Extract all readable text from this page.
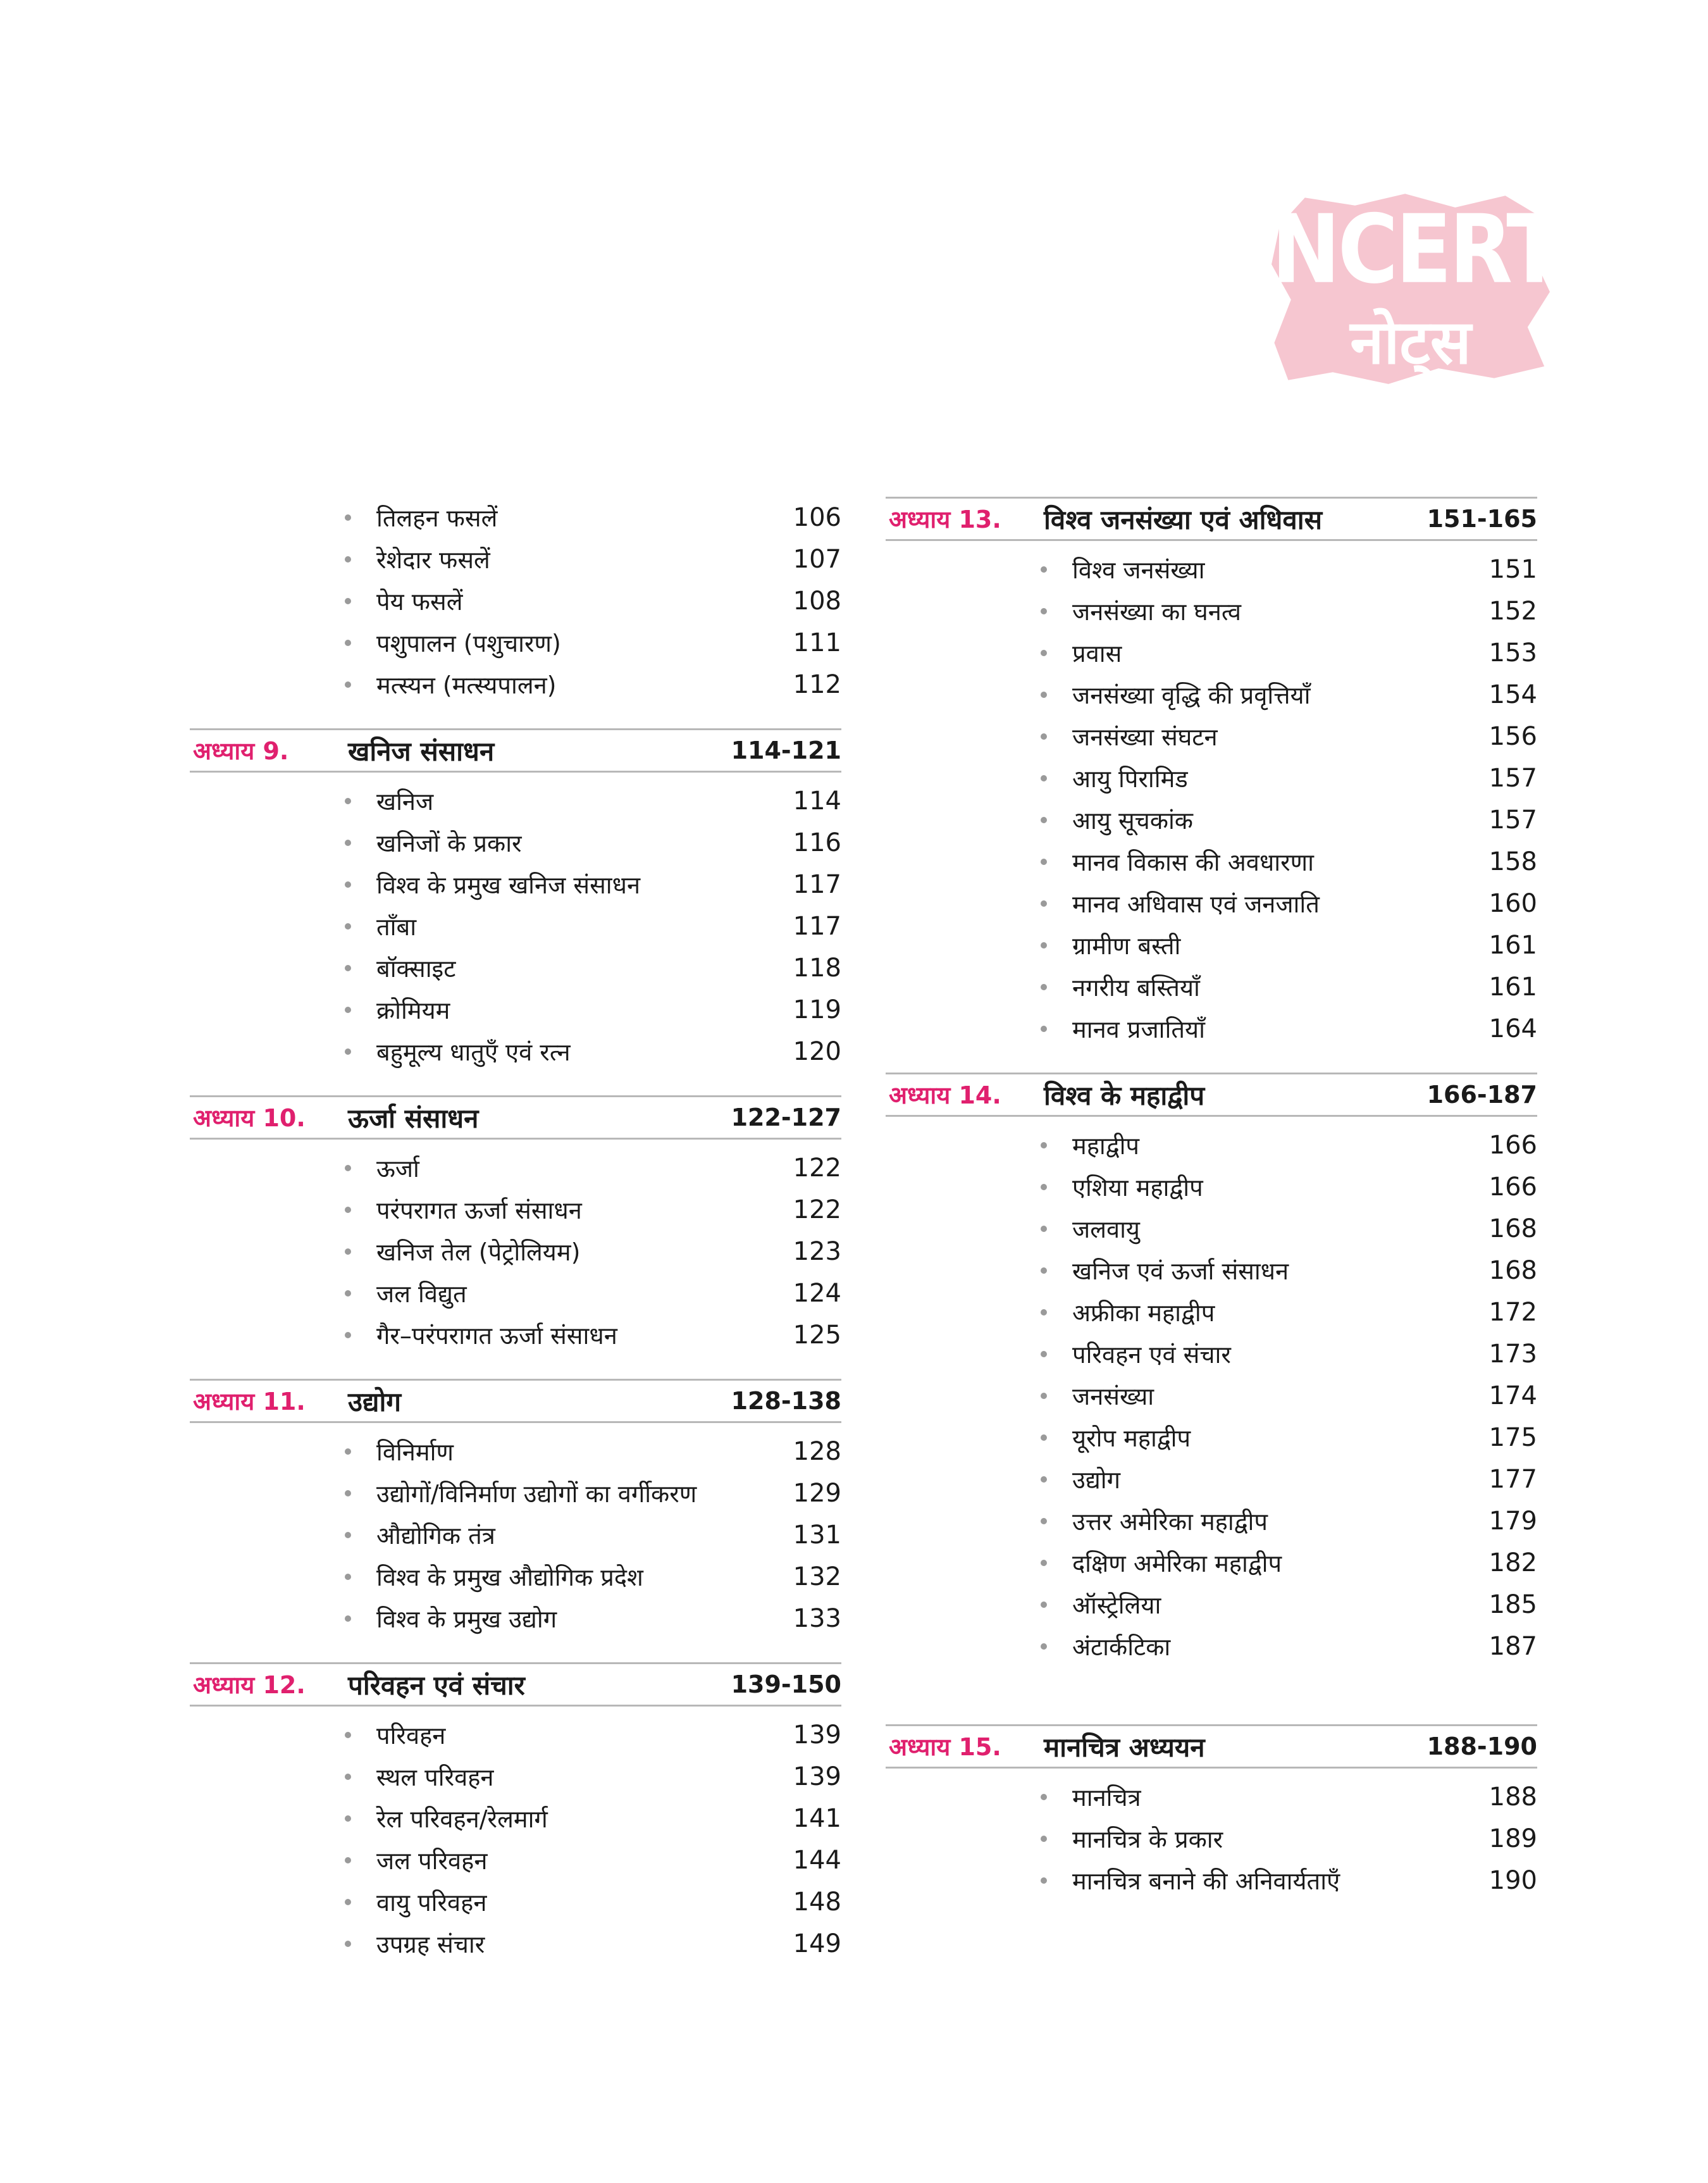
NCERT
नोट्स
तिलहन फसलें	106
रेशेदार फसलें	107
पेय फसलें	108
पशुपालन (पशुचारण)	111
मत्स्यन (मत्स्यपालन)	112
अध्याय 9.	खनिज संसाधन	114-121
खनिज	114
खनिजों के प्रकार	116
विश्व के प्रमुख खनिज संसाधन	117
ताँबा	117
बॉक्साइट	118
क्रोमियम	119
बहुमूल्य धातुएँ एवं रत्न	120
अध्याय 10.	ऊर्जा संसाधन	122-127
ऊर्जा	122
परंपरागत ऊर्जा संसाधन	122
खनिज तेल (पेट्रोलियम)	123
जल विद्युत	124
गैर–परंपरागत ऊर्जा संसाधन	125
अध्याय 11.	उद्योग	128-138
विनिर्माण	128
उद्योगों/विनिर्माण उद्योगों का वर्गीकरण	129
औद्योगिक तंत्र	131
विश्व के प्रमुख औद्योगिक प्रदेश	132
विश्व के प्रमुख उद्योग	133
अध्याय 12.	परिवहन एवं संचार	139-150
परिवहन	139
स्थल परिवहन	139
रेल परिवहन/रेलमार्ग	141
जल परिवहन	144
वायु परिवहन	148
उपग्रह संचार	149
अध्याय 13.	विश्व जनसंख्या एवं अधिवास	151-165
विश्व जनसंख्या	151
जनसंख्या का घनत्व	152
प्रवास	153
जनसंख्या वृद्धि की प्रवृत्तियाँ	154
जनसंख्या संघटन	156
आयु पिरामिड	157
आयु सूचकांक	157
मानव विकास की अवधारणा	158
मानव अधिवास एवं जनजाति	160
ग्रामीण बस्ती	161
नगरीय बस्तियाँ	161
मानव प्रजातियाँ	164
अध्याय 14.	विश्व के महाद्वीप	166-187
महाद्वीप	166
एशिया महाद्वीप	166
जलवायु	168
खनिज एवं ऊर्जा संसाधन	168
अफ्रीका महाद्वीप	172
परिवहन एवं संचार	173
जनसंख्या	174
यूरोप महाद्वीप	175
उद्योग	177
उत्तर अमेरिका महाद्वीप	179
दक्षिण अमेरिका महाद्वीप	182
ऑस्ट्रेलिया	185
अंटार्कटिका	187
अध्याय 15.	मानचित्र अध्ययन	188-190
मानचित्र	188
मानचित्र के प्रकार	189
मानचित्र बनाने की अनिवार्यताएँ	190
